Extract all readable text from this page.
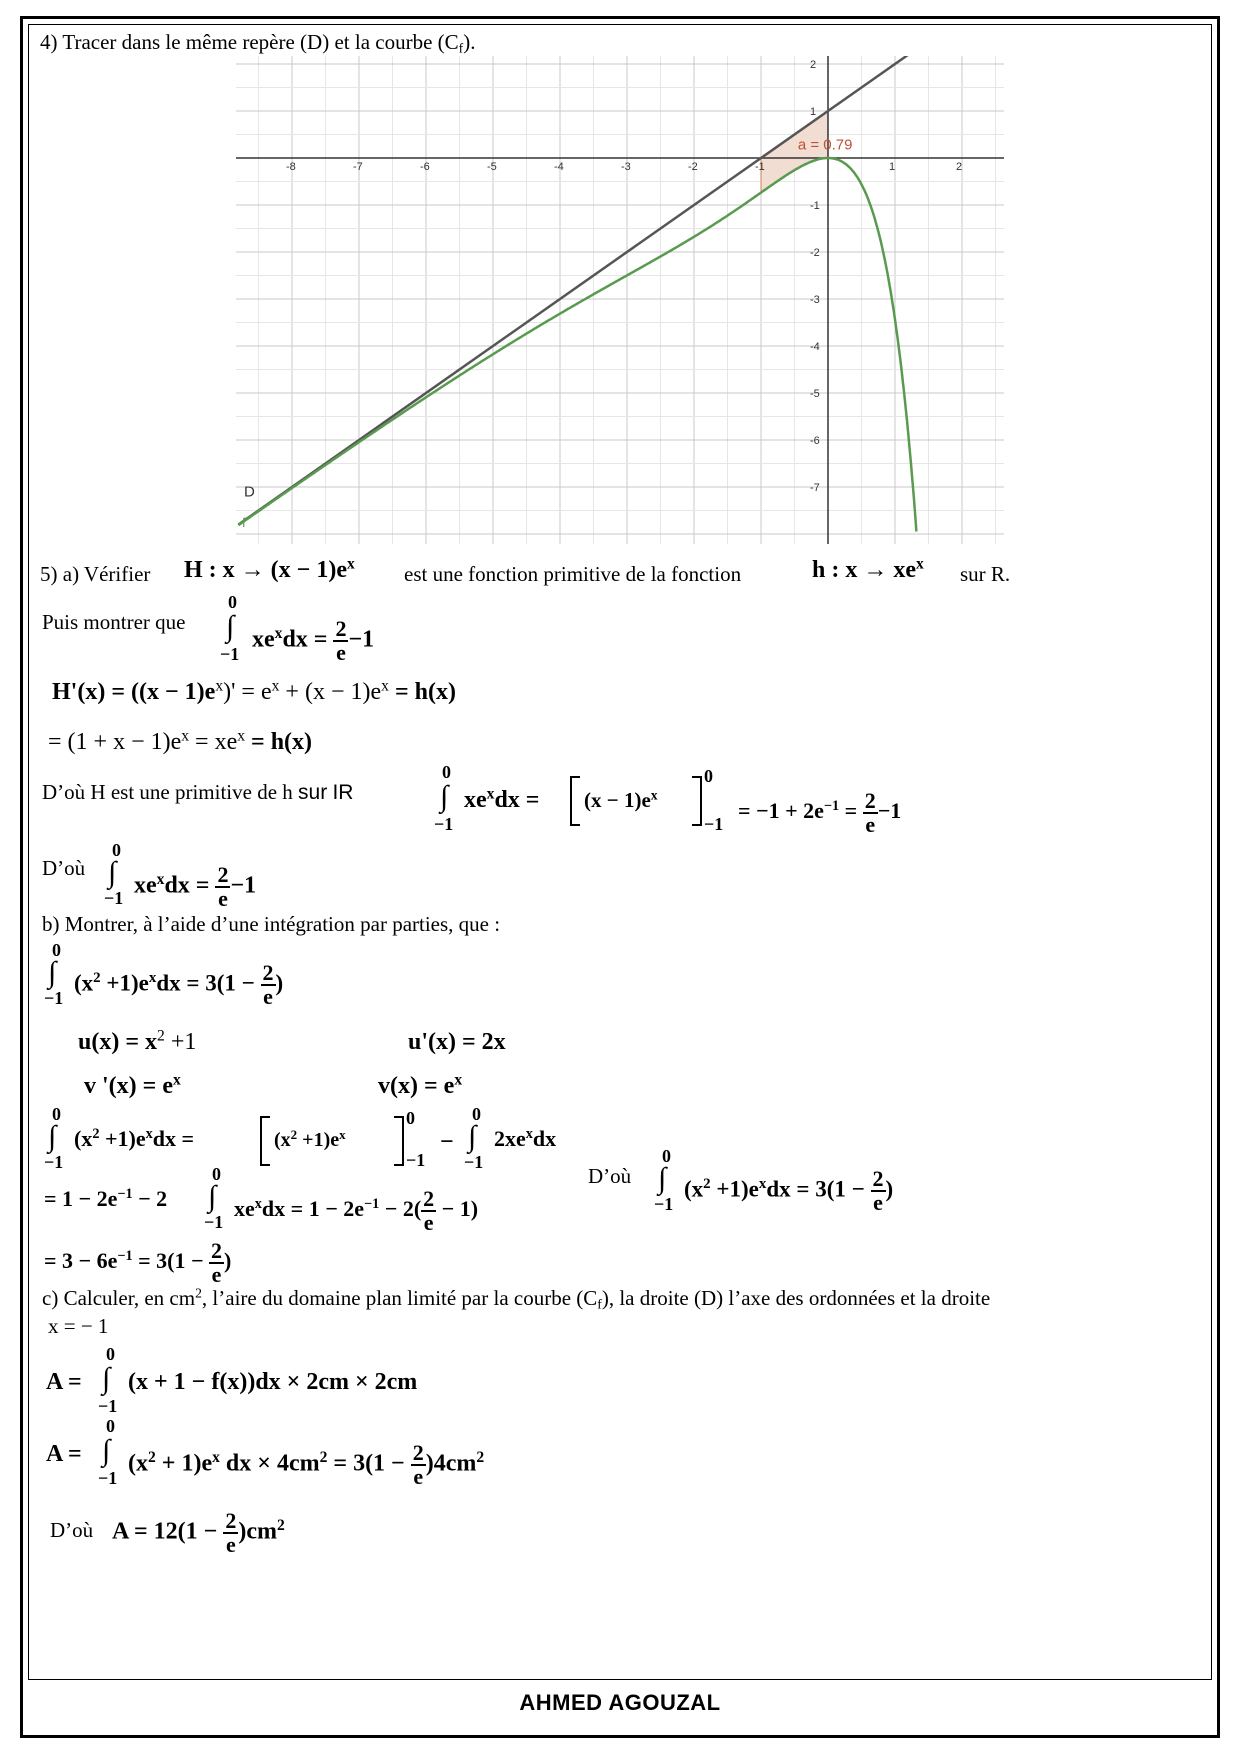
4) Tracer dans le même repère (D) et la courbe $(C_f)$.
-8	-7	-6	-5	-4	-3	-2	-1	1	2
2
1
-1
-2
-3
-4
-5
-6
-7
a = 0.79
D
f
5) a) Vérifier H : $x \to (x - 1)e^x$ est une fonction primitive de la fonction	h : $x \to xe^x$ sur R.
Puis montrer que
0
∫
−1
$xe^xdx = \frac{2}{e} -1$
$H'(x) = ((x - 1)e^x)' = e^x + (x - 1)e^x = h(x)$
= $(1 + x - 1)e^x = xe^x = h(x)$
D’où H est une primitive de h sur IR
0
∫
−1
$xe^xdx = (x - 1)e^x$
0
−1
= $-1 + 2e^{-1} = \frac{2}{e} -1$
D’où
0
∫
−1 $xe^xdx = \frac{2}{e} -1$
b) Montrer, à l’aide d’une intégration par parties, que :
0
∫
−1
$(x^2 +1)e^xdx = 3(1 - \frac{2}{e}$ )
$u(x) = x^2 +1$	u'(x) = 2x
v '$(x) = e^x$	$v(x) = e^x$
0
∫
−1
$(x^2 +1)e^xdx$ =	$(x^2 +1)e^x$
0
−1
−
0
∫
−1
$2xe^xdx$
= $1 - 2e^{-1} - 2$
0
∫
−1
$xe^xdx = 1 - 2e^{-1} - 2( \frac{2}{e} - 1)$
D’où
0
∫
−1
$(x^2 +1)e^xdx = 3(1 - \frac{2}{e}$ )
= $3 - 6e^{-1} = 3(1 - \frac{2}{e}$ )
c) Calculer, en $cm^2$, l’aire du domaine plan limité par la courbe $(C_f)$, la droite (D) l’axe des ordonnées et la droite
x = − 1
A =
0
∫
−1
(x + 1 − f(x))dx × 2cm × 2cm
A =
0
∫
−1
$(x^2 + 1)e^x$ dx × $4cm^2 = 3(1 - \frac{2}{e} )4cm^2$
D’où $A = 12(1 - \frac{2}{e} )cm^2$
AHMED AGOUZAL
